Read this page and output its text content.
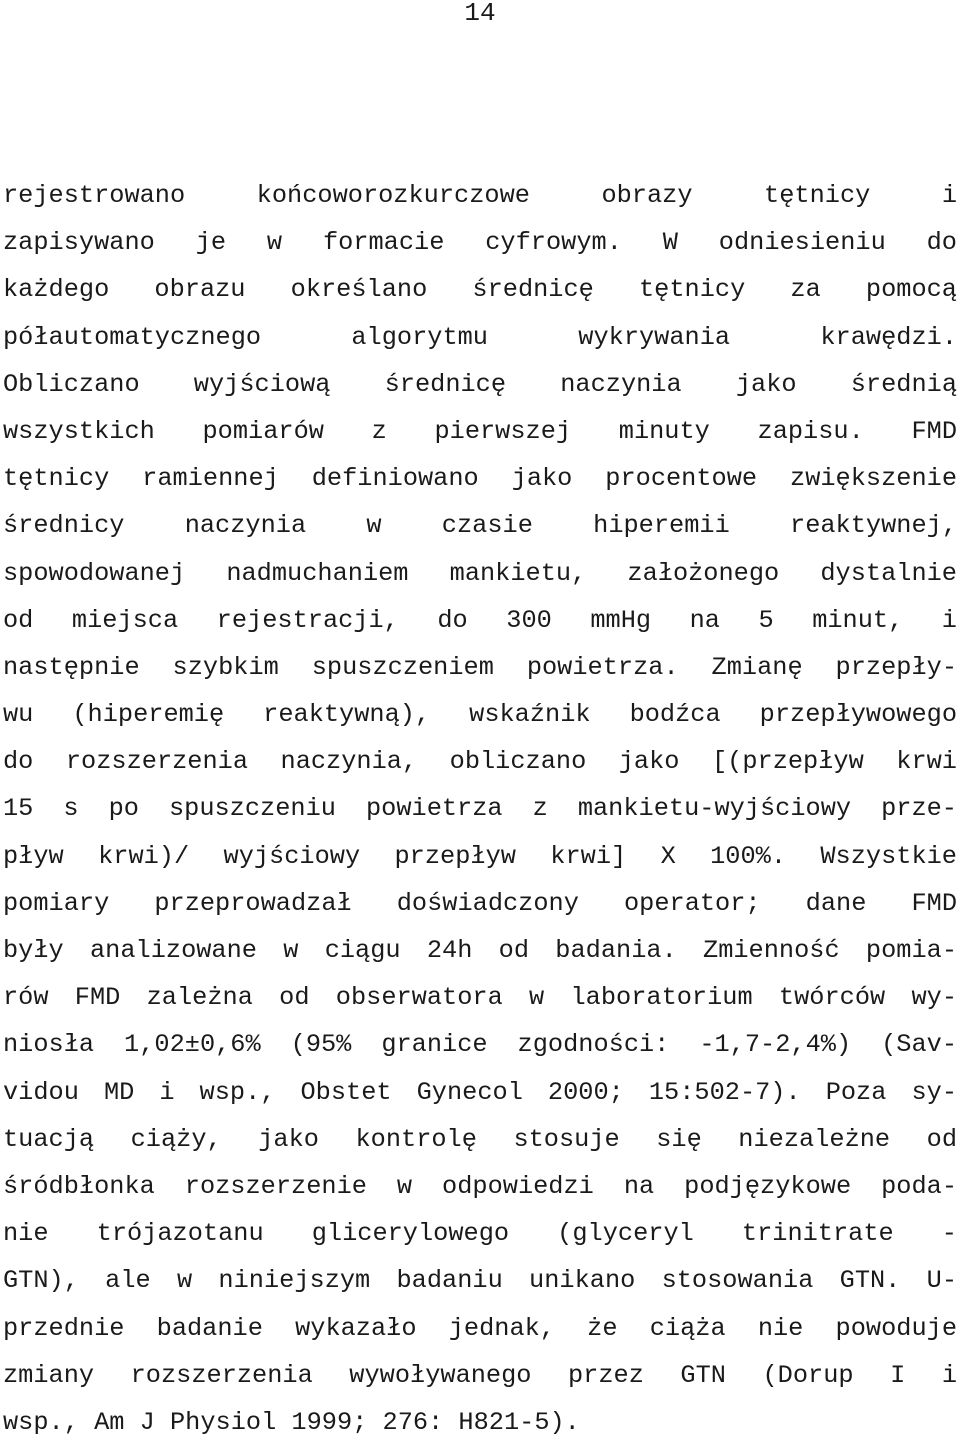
14
rejestrowano końcoworozkurczowe obrazy tętnicy i
zapisywano je w formacie cyfrowym. W odniesieniu do
każdego obrazu określano średnicę tętnicy za pomocą
półautomatycznego algorytmu wykrywania krawędzi.
Obliczano wyjściową średnicę naczynia jako średnią
wszystkich pomiarów z pierwszej minuty zapisu. FMD
tętnicy ramiennej definiowano jako procentowe zwiększenie
średnicy naczynia w czasie hiperemii reaktywnej,
spowodowanej nadmuchaniem mankietu, założonego dystalnie
od miejsca rejestracji, do 300 mmHg na 5 minut, i
następnie szybkim spuszczeniem powietrza. Zmianę przepły-
wu (hiperemię reaktywną), wskaźnik bodźca przepływowego
do rozszerzenia naczynia, obliczano jako [(przepływ krwi
15 s po spuszczeniu powietrza z mankietu-wyjściowy prze-
pływ krwi)/ wyjściowy przepływ krwi] X 100%. Wszystkie
pomiary przeprowadzał doświadczony operator; dane FMD
były analizowane w ciągu 24h od badania. Zmienność pomia-
rów FMD zależna od obserwatora w laboratorium twórców wy-
niosła 1,02±0,6% (95% granice zgodności: -1,7-2,4%) (Sav-
vidou MD i wsp., Obstet Gynecol 2000; 15:502-7). Poza sy-
tuacją ciąży, jako kontrolę stosuje się niezależne od
śródbłonka rozszerzenie w odpowiedzi na podjęzykowe poda-
nie trójazotanu glicerylowego (glyceryl trinitrate -
GTN), ale w niniejszym badaniu unikano stosowania GTN. U-
przednie badanie wykazało jednak, że ciąża nie powoduje
zmiany rozszerzenia wywoływanego przez GTN (Dorup I i
wsp., Am J Physiol 1999; 276: H821-5).
